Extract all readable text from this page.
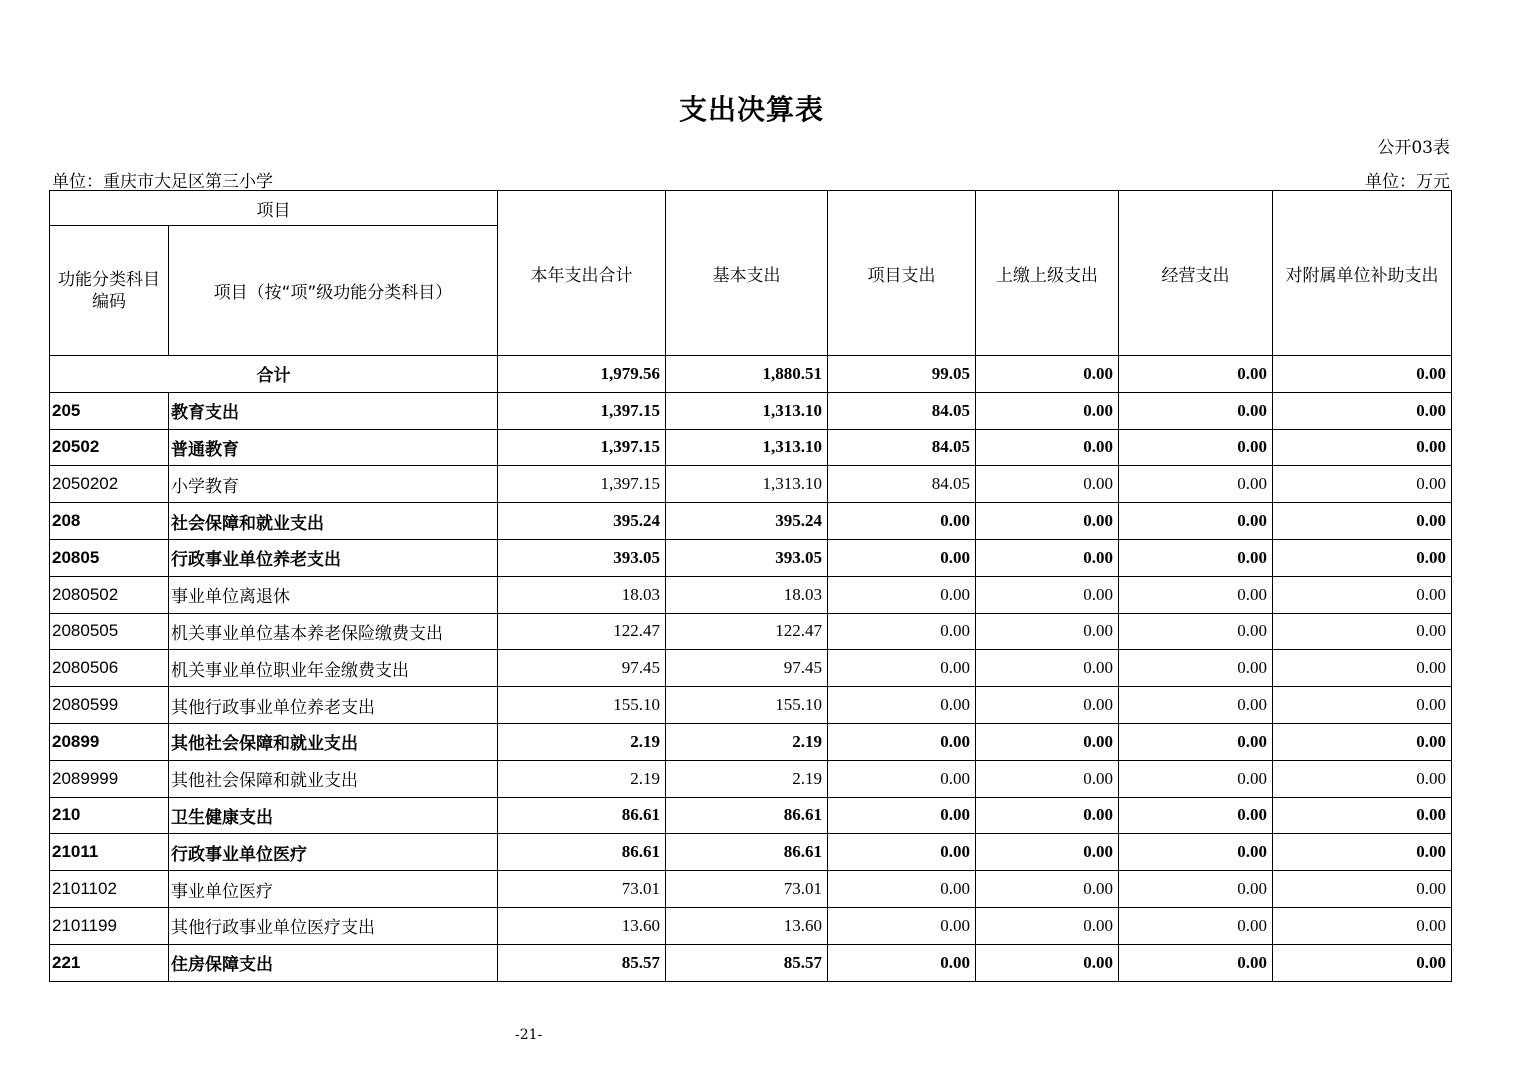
支出决算表
公开03表
单位：重庆市大足区第三小学	单位：万元
项目		本年支出合计	基本支出	项目支出	上缴上级支出	经营支出	对附属单位补助支出
功能分类科目编码	项目（按“项”级功能分类科目）						
合计		1,979.56	1,880.51	99.05	0.00	0.00	0.00
205	教育支出	1,397.15	1,313.10	84.05	0.00	0.00	0.00
20502	普通教育	1,397.15	1,313.10	84.05	0.00	0.00	0.00
2050202	小学教育	1,397.15	1,313.10	84.05	0.00	0.00	0.00
208	社会保障和就业支出	395.24	395.24	0.00	0.00	0.00	0.00
20805	行政事业单位养老支出	393.05	393.05	0.00	0.00	0.00	0.00
2080502	事业单位离退休	18.03	18.03	0.00	0.00	0.00	0.00
2080505	机关事业单位基本养老保险缴费支出	122.47	122.47	0.00	0.00	0.00	0.00
2080506	机关事业单位职业年金缴费支出	97.45	97.45	0.00	0.00	0.00	0.00
2080599	其他行政事业单位养老支出	155.10	155.10	0.00	0.00	0.00	0.00
20899	其他社会保障和就业支出	2.19	2.19	0.00	0.00	0.00	0.00
2089999	其他社会保障和就业支出	2.19	2.19	0.00	0.00	0.00	0.00
210	卫生健康支出	86.61	86.61	0.00	0.00	0.00	0.00
21011	行政事业单位医疗	86.61	86.61	0.00	0.00	0.00	0.00
2101102	事业单位医疗	73.01	73.01	0.00	0.00	0.00	0.00
2101199	其他行政事业单位医疗支出	13.60	13.60	0.00	0.00	0.00	0.00
221	住房保障支出	85.57	85.57	0.00	0.00	0.00	0.00
-21-
